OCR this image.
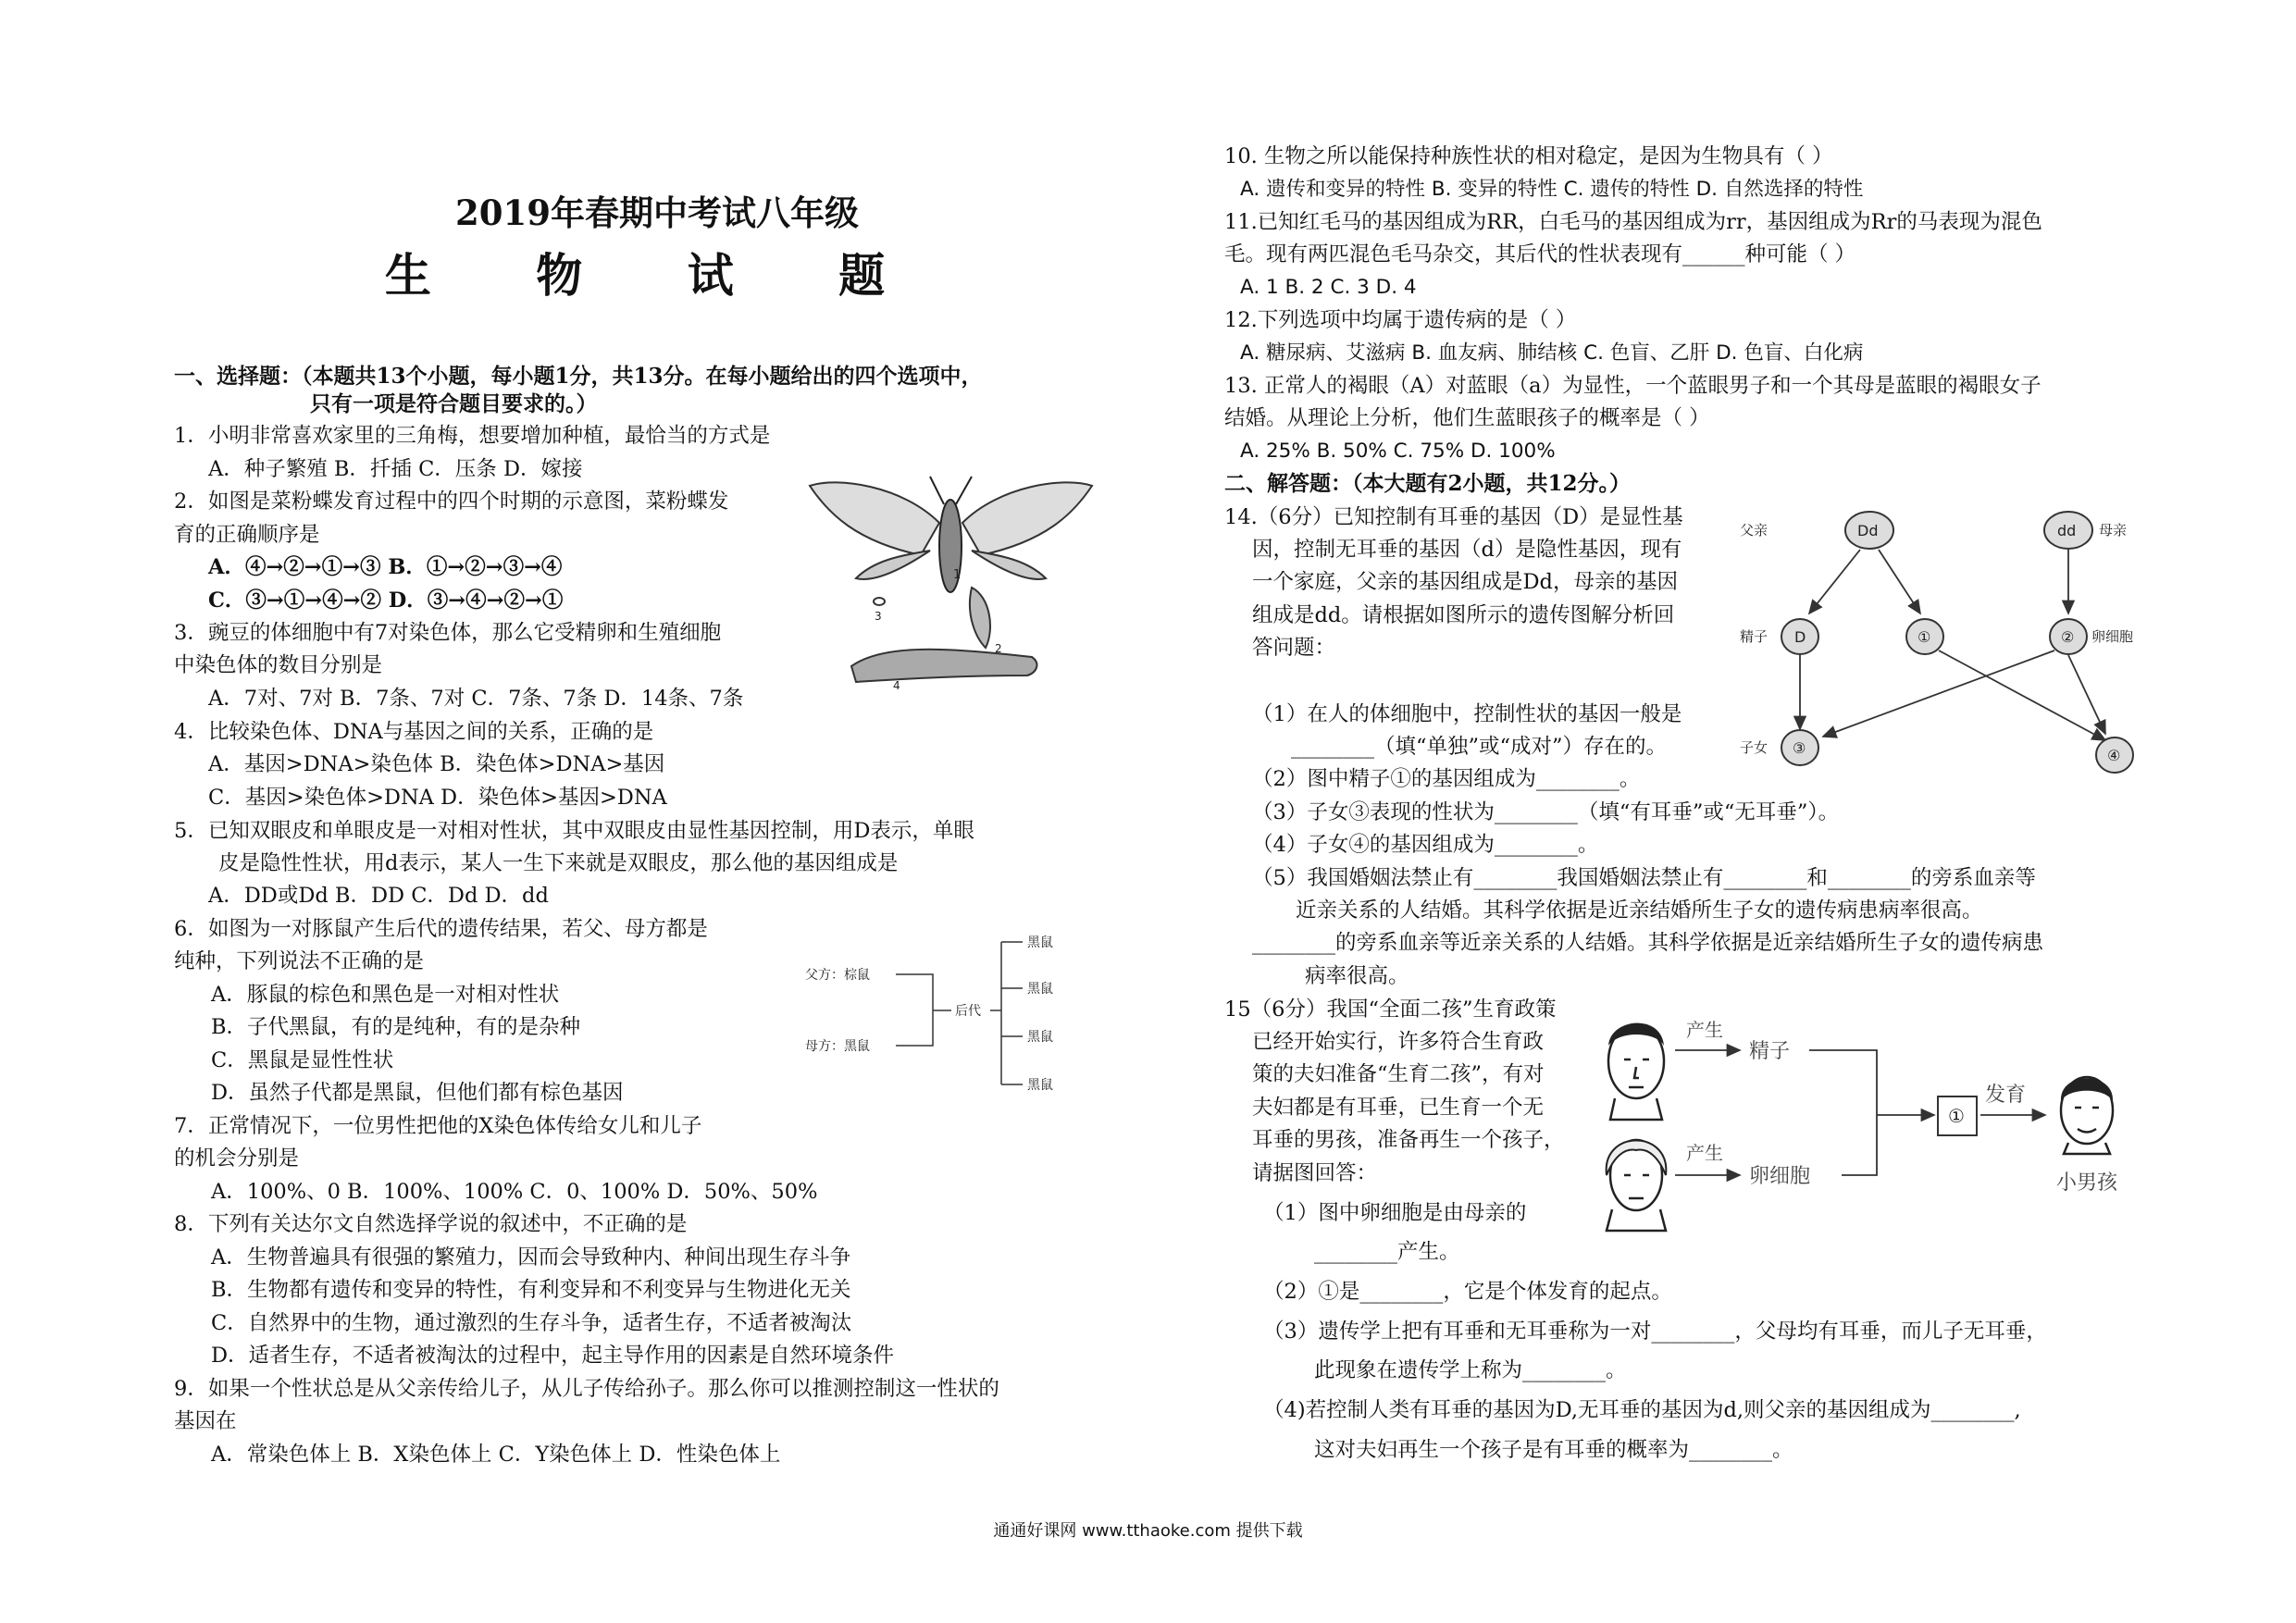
2019年春期中考试八年级
生 物 试 题
一、选择题：（本题共13个小题，每小题1分，共13分。在每小题给出的四个选项中，
只有一项是符合题目要求的。）
1．小明非常喜欢家里的三角梅，想要增加种植，最恰当的方式是
A．种子繁殖 B．扦插 C．压条 D．嫁接
2．如图是菜粉蝶发育过程中的四个时期的示意图，菜粉蝶发
育的正确顺序是
A．④→②→①→③ B．①→②→③→④
C．③→①→④→② D．③→④→②→①
3．豌豆的体细胞中有7对染色体，那么它受精卵和生殖细胞
中染色体的数目分别是
A．7对、7对 B．7条、7对 C．7条、7条 D．14条、7条
4．比较染色体、DNA与基因之间的关系，正确的是
A．基因>DNA>染色体 B．染色体>DNA>基因
C．基因>染色体>DNA D．染色体>基因>DNA
5．已知双眼皮和单眼皮是一对相对性状，其中双眼皮由显性基因控制，用D表示，单眼
皮是隐性性状，用d表示，某人一生下来就是双眼皮，那么他的基因组成是
A．DD或Dd B．DD C．Dd D．dd
6．如图为一对豚鼠产生后代的遗传结果，若父、母方都是
纯种，下列说法不正确的是
A．豚鼠的棕色和黑色是一对相对性状
B．子代黑鼠，有的是纯种，有的是杂种
C．黑鼠是显性性状
D．虽然子代都是黑鼠，但他们都有棕色基因
7．正常情况下，一位男性把他的X染色体传给女儿和儿子
的机会分别是
A．100%、0 B．100%、100% C．0、100% D．50%、50%
8．下列有关达尔文自然选择学说的叙述中，不正确的是
A．生物普遍具有很强的繁殖力，因而会导致种内、种间出现生存斗争
B．生物都有遗传和变异的特性，有利变异和不利变异与生物进化无关
C．自然界中的生物，通过激烈的生存斗争，适者生存，不适者被淘汰
D．适者生存，不适者被淘汰的过程中，起主导作用的因素是自然环境条件
9．如果一个性状总是从父亲传给儿子，从儿子传给孙子。那么你可以推测控制这一性状的
基因在
A．常染色体上 B．X染色体上 C．Y染色体上 D．性染色体上
1
3
2
4
父方：棕鼠
母方：黑鼠
后代
黑鼠
黑鼠
黑鼠
黑鼠
10. 生物之所以能保持种族性状的相对稳定，是因为生物具有（ ）
A. 遗传和变异的特性 B. 变异的特性 C. 遗传的特性 D. 自然选择的特性
11.已知红毛马的基因组成为RR，白毛马的基因组成为rr，基因组成为Rr的马表现为混色
毛。现有两匹混色毛马杂交，其后代的性状表现有______种可能（ ）
A. 1 B. 2 C. 3 D. 4
12.下列选项中均属于遗传病的是（ ）
A. 糖尿病、艾滋病 B. 血友病、肺结核 C. 色盲、乙肝 D. 色盲、白化病
13. 正常人的褐眼（A）对蓝眼（a）为显性，一个蓝眼男子和一个其母是蓝眼的褐眼女子
结婚。从理论上分析，他们生蓝眼孩子的概率是（ ）
A. 25% B. 50% C. 75% D. 100%
二、解答题：（本大题有2小题，共12分。）
14.（6分）已知控制有耳垂的基因（D）是显性基
因，控制无耳垂的基因（d）是隐性基因，现有
一个家庭，父亲的基因组成是Dd，母亲的基因
组成是dd。请根据如图所示的遗传图解分析回
答问题：
（1）在人的体细胞中，控制性状的基因一般是
________（填“单独”或“成对”）存在的。
（2）图中精子①的基因组成为________。
（3）子女③表现的性状为________（填“有耳垂”或“无耳垂”）。
（4）子女④的基因组成为________。
（5）我国婚姻法禁止有________我国婚姻法禁止有________和________的旁系血亲等
近亲关系的人结婚。其科学依据是近亲结婚所生子女的遗传病患病率很高。
________的旁系血亲等近亲关系的人结婚。其科学依据是近亲结婚所生子女的遗传病患
病率很高。
父亲	Dd	dd 母亲
精子 D	①	② 卵细胞
子女 ③	④
15（6分）我国“全面二孩”生育政策
已经开始实行，许多符合生育政
策的夫妇准备“生育二孩”，有对
夫妇都是有耳垂，已生育一个无
耳垂的男孩，准备再生一个孩子，
请据图回答：
（1）图中卵细胞是由母亲的
________产生。
（2）①是________，它是个体发育的起点。
（3）遗传学上把有耳垂和无耳垂称为一对________，父母均有耳垂，而儿子无耳垂，
此现象在遗传学上称为________。
（4)若控制人类有耳垂的基因为D,无耳垂的基因为d,则父亲的基因组成为________,
这对夫妇再生一个孩子是有耳垂的概率为________。
产生
精子
产生
卵细胞
①
发育
小男孩
通通好课网 www.tthaoke.com 提供下载
